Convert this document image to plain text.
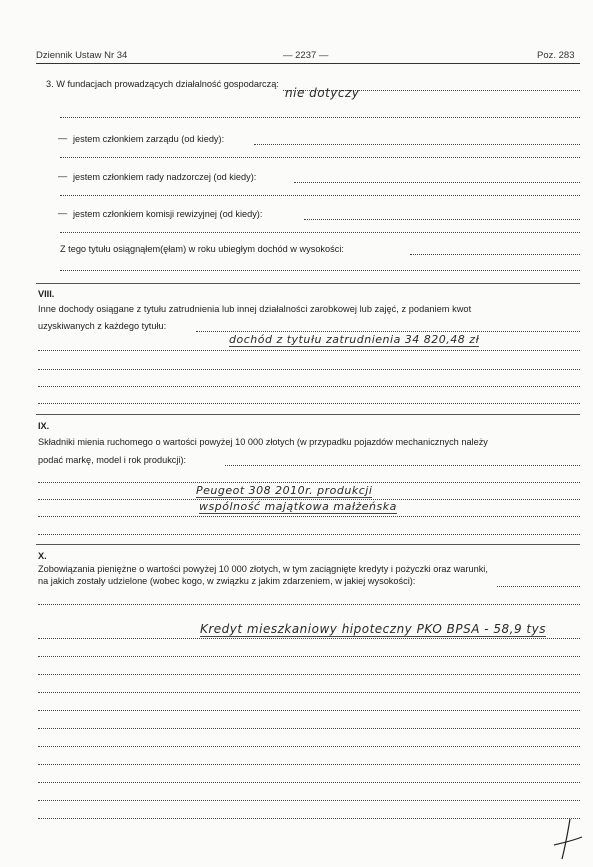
Dziennik Ustaw Nr 34	— 2237 —	Poz. 283
3. W fundacjach prowadzących działalność gospodarczą:
nie dotyczy
— jestem członkiem zarządu (od kiedy):
— jestem członkiem rady nadzorczej (od kiedy):
— jestem członkiem komisji rewizyjnej (od kiedy):
Z tego tytułu osiągnąłem(ęłam) w roku ubiegłym dochód w wysokości:
VIII.
Inne dochody osiągane z tytułu zatrudnienia lub innej działalności zarobkowej lub zajęć, z podaniem kwot
uzyskiwanych z każdego tytułu:
dochód z tytułu zatrudnienia 34 820,48 zł
IX.
Składniki mienia ruchomego o wartości powyżej 10 000 złotych (w przypadku pojazdów mechanicznych należy
podać markę, model i rok produkcji):
Peugeot 308 2010r. produkcji
wspólność majątkowa małżeńska
X.
Zobowiązania pieniężne o wartości powyżej 10 000 złotych, w tym zaciągnięte kredyty i pożyczki oraz warunki,
na jakich zostały udzielone (wobec kogo, w związku z jakim zdarzeniem, w jakiej wysokości):
Kredyt mieszkaniowy hipoteczny PKO BPSA - 58,9 tys
